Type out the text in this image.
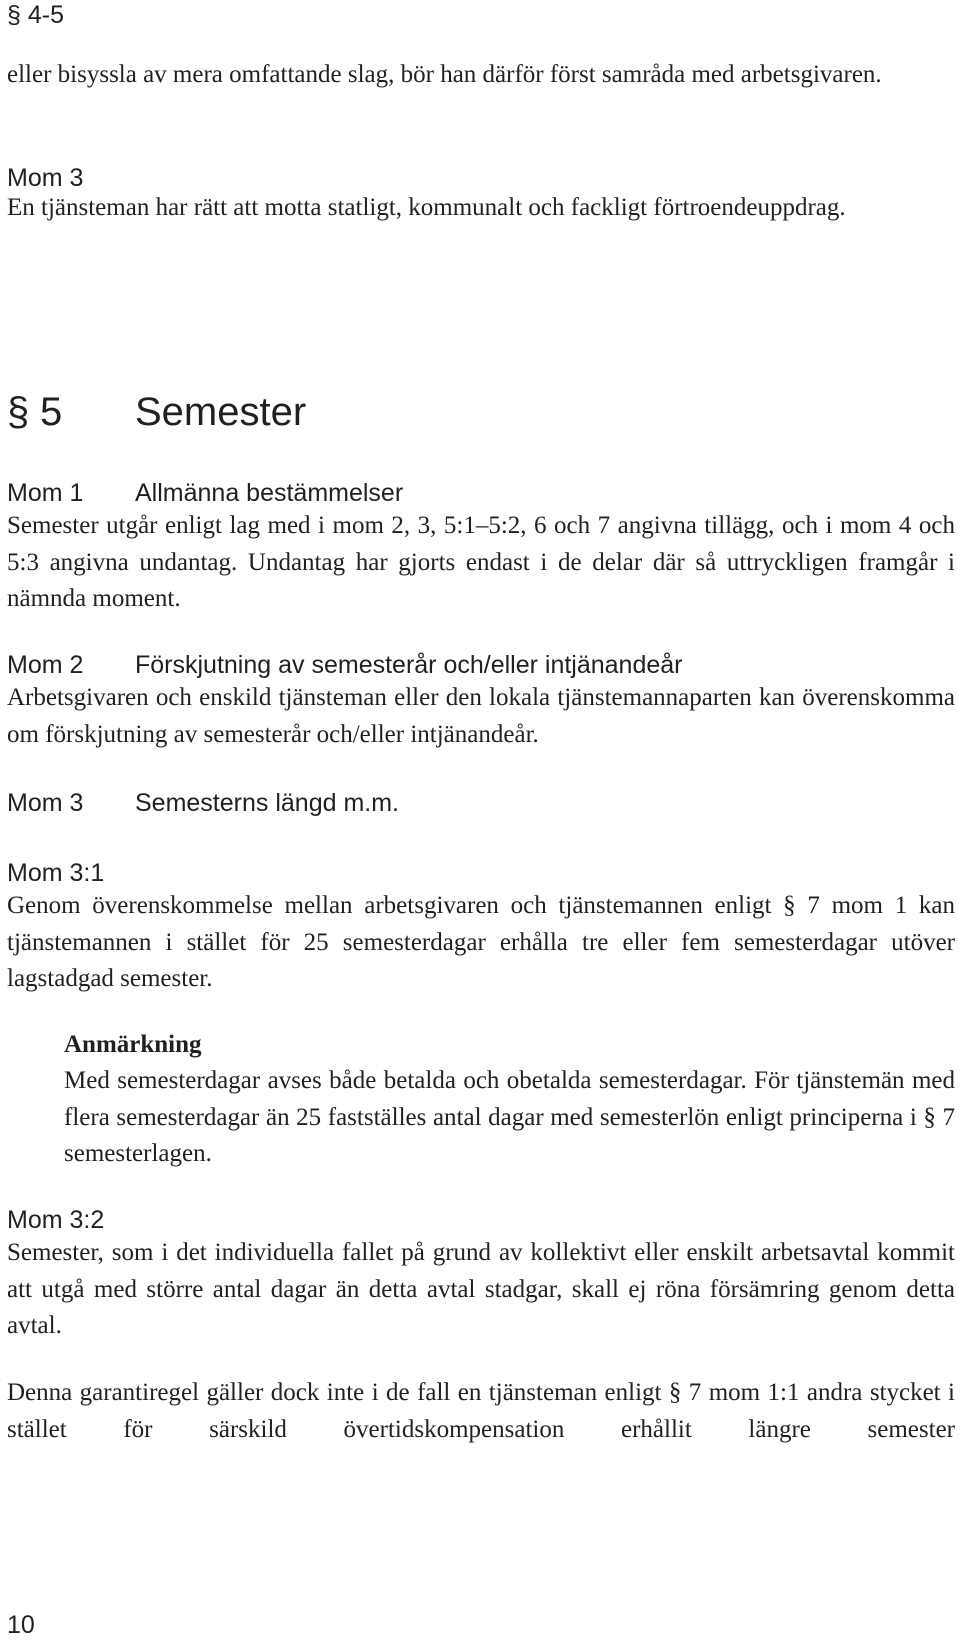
§ 4-5

eller bisyssla av mera omfattande slag, bör han därför först samråda med arbetsgivaren.

Mom 3

En tjänsteman har rätt att motta statligt, kommunalt och fackligt förtroendeuppdrag.

§ 5 Semester
Mom 1 Allmänna bestämmelser

Semester utgår enligt lag med i mom 2, 3, 5:1–5:2, 6 och 7 angivna tillägg, och i mom 4 och 5:3 angivna undantag. Undantag har gjorts endast i de delar där så uttryckligen framgår i nämnda moment.

Mom 2 Förskjutning av semesterår och/eller intjänandeår

Arbetsgivaren och enskild tjänsteman eller den lokala tjänstemannaparten kan överenskomma om förskjutning av semesterår och/eller intjänandeår.

Mom 3 Semesterns längd m.m.
Mom 3:1

Genom överenskommelse mellan arbetsgivaren och tjänstemannen enligt § 7 mom 1 kan tjänstemannen i stället för 25 semesterdagar erhålla tre eller fem semesterdagar utöver lagstadgad semester.

Anmärkning

Med semesterdagar avses både betalda och obetalda semesterdagar. För tjänstemän med flera semesterdagar än 25 fastställes antal dagar med semesterlön enligt principerna i § 7 semesterlagen.

Mom 3:2

Semester, som i det individuella fallet på grund av kollektivt eller enskilt arbetsavtal kommit att utgå med större antal dagar än detta avtal stadgar, skall ej röna försämring genom detta avtal.

Denna garantiregel gäller dock inte i de fall en tjänsteman enligt § 7 mom 1:1 andra stycket i stället för särskild övertidskompensation erhållit längre semester

10
